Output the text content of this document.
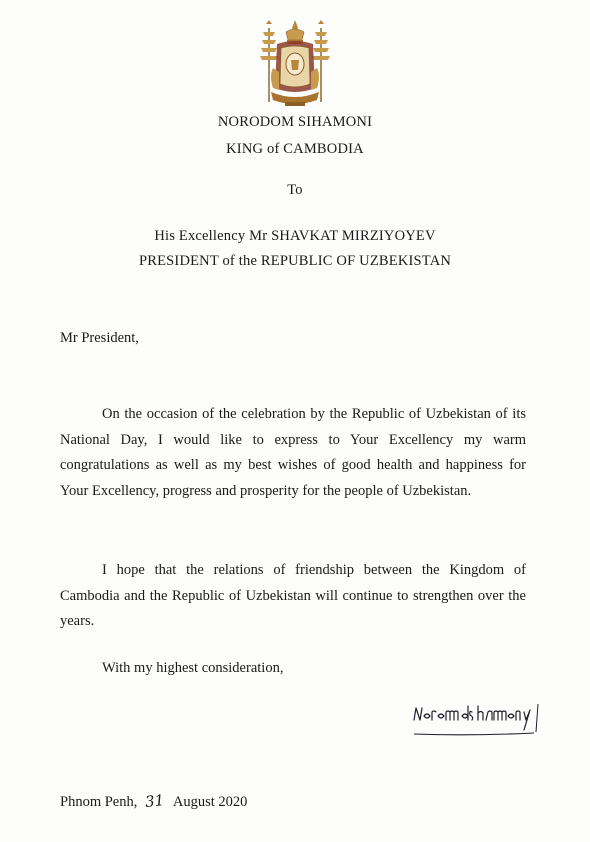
NORODOM SIHAMONI
KING of CAMBODIA
To
His Excellency Mr SHAVKAT MIRZIYOYEV
PRESIDENT of the REPUBLIC OF UZBEKISTAN
Mr President,

On the occasion of the celebration by the Republic of Uzbekistan of its National Day, I would like to express to Your Excellency my warm congratulations as well as my best wishes of good health and happiness for Your Excellency, progress and prosperity for the people of Uzbekistan.

I hope that the relations of friendship between the Kingdom of Cambodia and the Republic of Uzbekistan will continue to strengthen over the years.

With my highest consideration,
Phnom Penh, 31 August 2020
